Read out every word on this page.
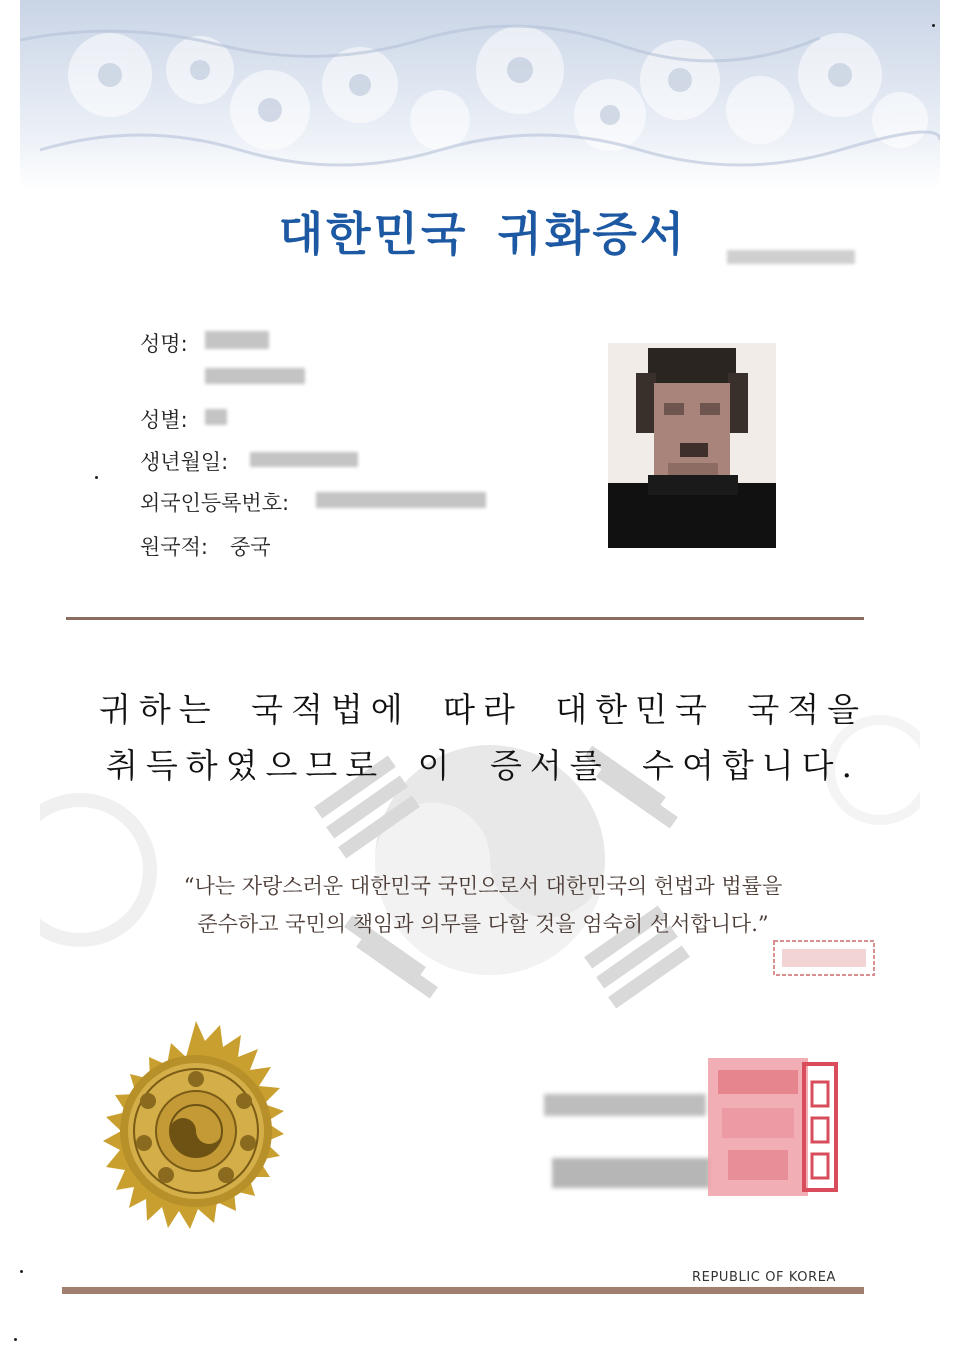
대한민국 귀화증서
성명:
성별:
생년월일:
외국인등록번호:
원국적: 중국
귀하는 국적법에 따라 대한민국 국적을
취득하였으므로 이 증서를 수여합니다.
“나는 자랑스러운 대한민국 국민으로서 대한민국의 헌법과 법률을
준수하고 국민의 책임과 의무를 다할 것을 엄숙히 선서합니다.”
REPUBLIC OF KOREA
